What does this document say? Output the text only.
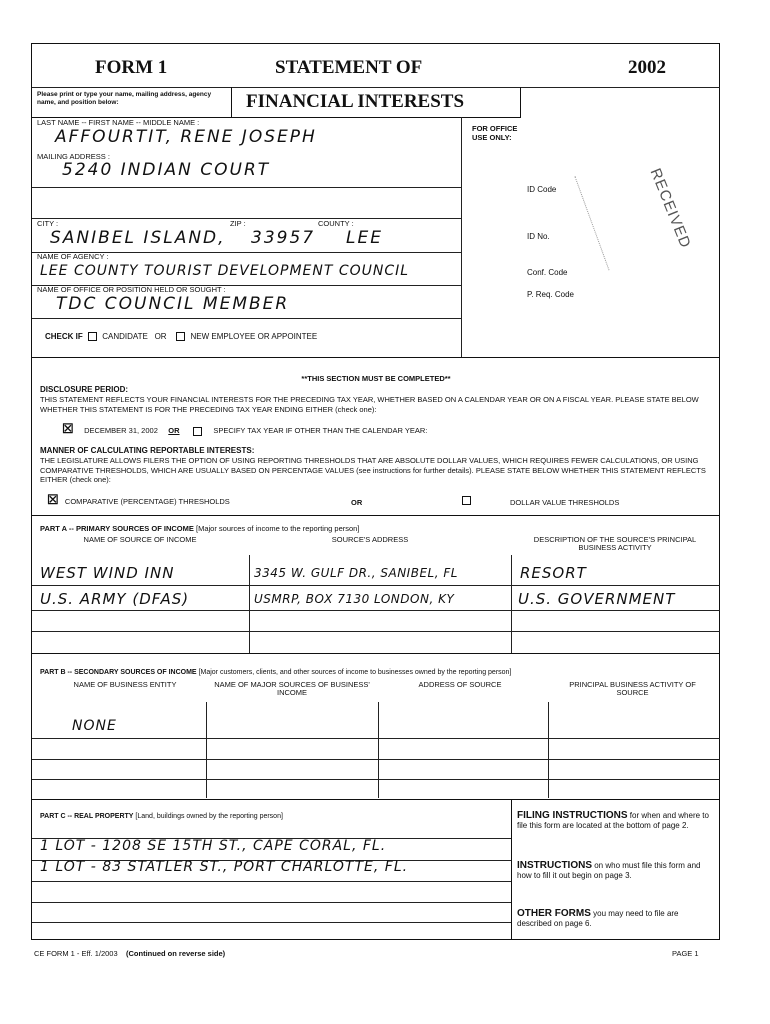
FORM 1	STATEMENT OF	2002
Please print or type your name, mailing address, agency name, and position below:	FINANCIAL INTERESTS
LAST NAME -- FIRST NAME -- MIDDLE NAME :
AFFOURTIT, RENE JOSEPH
MAILING ADDRESS :
5240 INDIAN COURT
CITY :	ZIP :	COUNTY :
SANIBEL ISLAND, 33957 LEE
NAME OF AGENCY :
LEE COUNTY TOURIST DEVELOPMENT COUNCIL
NAME OF OFFICE OR POSITION HELD OR SOUGHT :
TDC COUNCIL MEMBER
CHECK IF CANDIDATE OR	NEW EMPLOYEE OR APPOINTEE
FOR OFFICE USE ONLY:
ID Code
ID No.
Conf. Code
P. Req. Code
RECEIVED
**THIS SECTION MUST BE COMPLETED**
DISCLOSURE PERIOD:
THIS STATEMENT REFLECTS YOUR FINANCIAL INTERESTS FOR THE PRECEDING TAX YEAR, WHETHER BASED ON A CALENDAR YEAR OR ON A FISCAL YEAR. PLEASE STATE BELOW WHETHER THIS STATEMENT IS FOR THE PRECEDING TAX YEAR ENDING EITHER (check one):
☒ DECEMBER 31, 2002 OR	SPECIFY TAX YEAR IF OTHER THAN THE CALENDAR YEAR:
MANNER OF CALCULATING REPORTABLE INTERESTS:
THE LEGISLATURE ALLOWS FILERS THE OPTION OF USING REPORTING THRESHOLDS THAT ARE ABSOLUTE DOLLAR VALUES, WHICH REQUIRES FEWER CALCULATIONS, OR USING COMPARATIVE THRESHOLDS, WHICH ARE USUALLY BASED ON PERCENTAGE VALUES (see instructions for further details). PLEASE STATE BELOW WHETHER THIS STATEMENT REFLECTS EITHER (check one):
☒ COMPARATIVE (PERCENTAGE) THRESHOLDS	OR	DOLLAR VALUE THRESHOLDS
PART A -- PRIMARY SOURCES OF INCOME [Major sources of income to the reporting person]
NAME OF SOURCE OF INCOME	SOURCE'S ADDRESS	DESCRIPTION OF THE SOURCE'S PRINCIPAL BUSINESS ACTIVITY
WEST WIND INN	3345 W. GULF DR., SANIBEL, FL	RESORT
U.S. ARMY (DFAS)	USMRP, BOX 7130 LONDON, KY	U.S. GOVERNMENT
PART B -- SECONDARY SOURCES OF INCOME [Major customers, clients, and other sources of income to businesses owned by the reporting person]
NAME OF BUSINESS ENTITY	NAME OF MAJOR SOURCES OF BUSINESS' INCOME
ADDRESS OF SOURCE	PRINCIPAL BUSINESS ACTIVITY OF SOURCE
NONE
PART C -- REAL PROPERTY [Land, buildings owned by the reporting person]
1 LOT - 1208 SE 15TH ST., CAPE CORAL, FL.
1 LOT - 83 STATLER ST., PORT CHARLOTTE, FL.
FILING INSTRUCTIONS for when and where to file this form are located at the bottom of page 2.
INSTRUCTIONS on who must file this form and how to fill it out begin on page 3.
OTHER FORMS you may need to file are described on page 6.
CE FORM 1 - Eff. 1/2003 (Continued on reverse side)	PAGE 1
